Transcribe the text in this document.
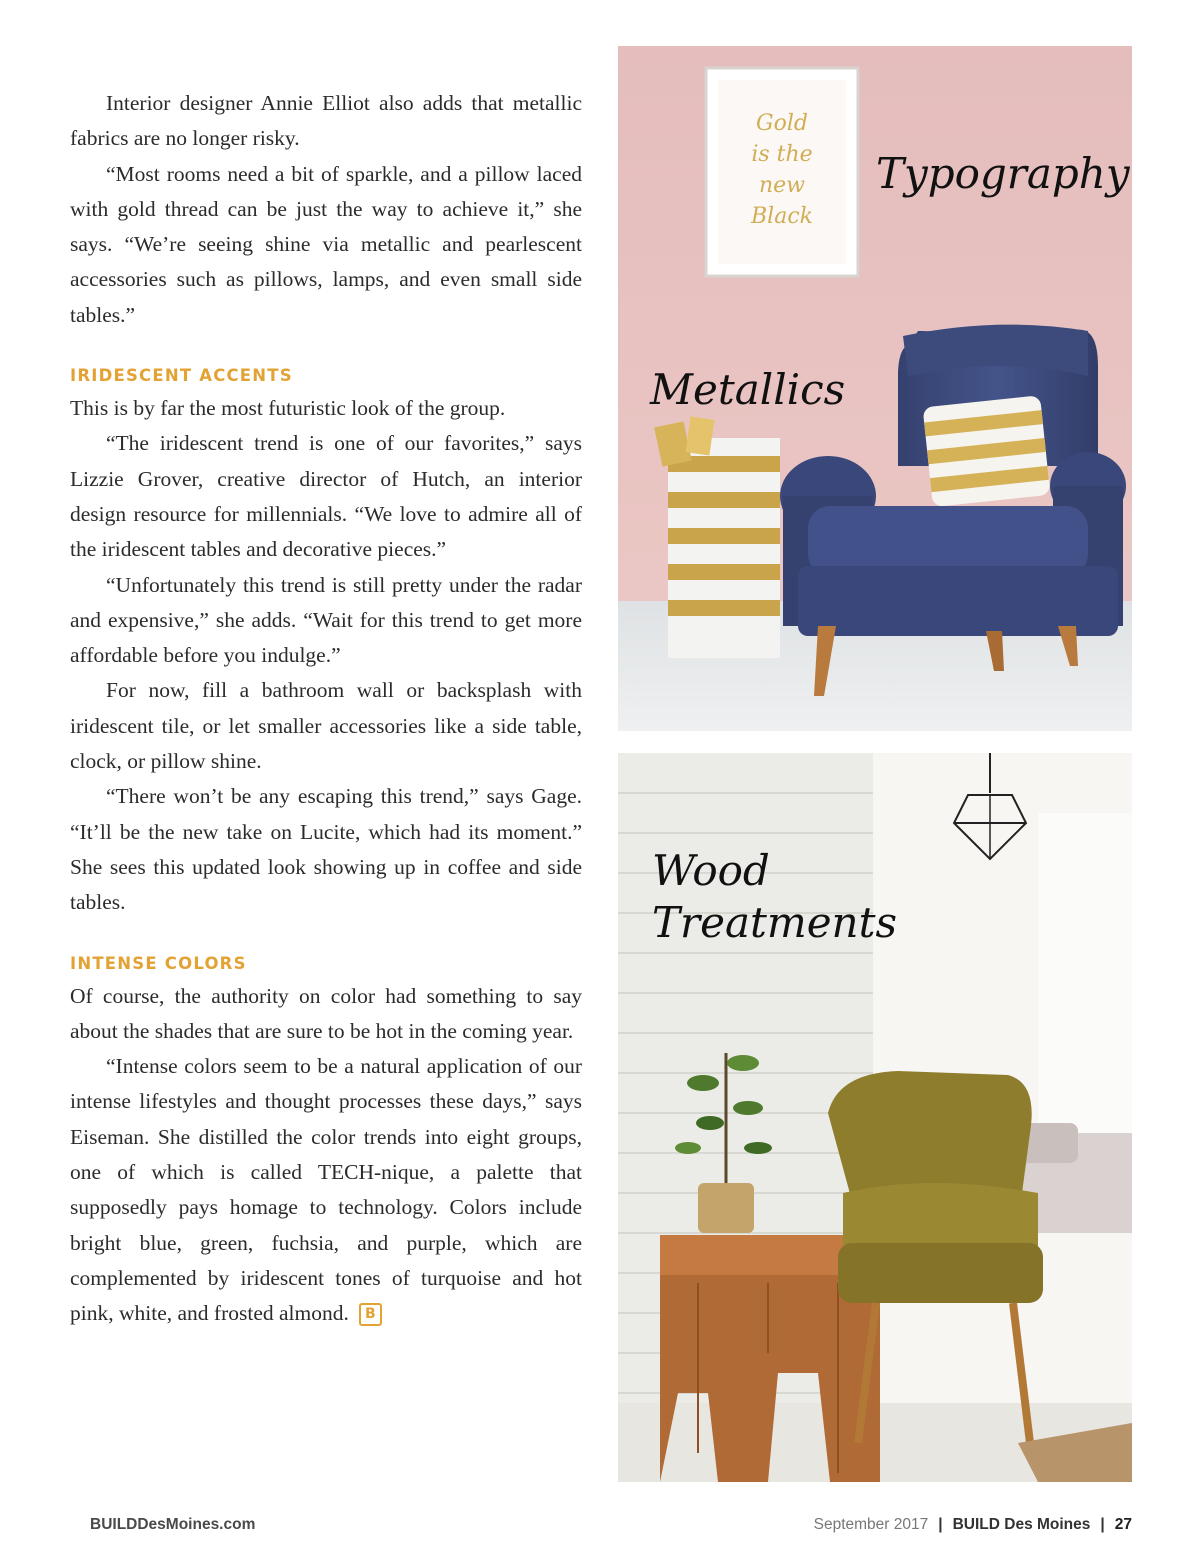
Interior designer Annie Elliot also adds that metallic fabrics are no longer risky.

“Most rooms need a bit of sparkle, and a pillow laced with gold thread can be just the way to achieve it,” she says. “We’re seeing shine via metallic and pearlescent accessories such as pillows, lamps, and even small side tables.”

IRIDESCENT ACCENTS

This is by far the most futuristic look of the group.

“The iridescent trend is one of our favorites,” says Lizzie Grover, creative director of Hutch, an interior design resource for millennials. “We love to admire all of the iridescent tables and decorative pieces.”

“Unfortunately this trend is still pretty under the radar and expensive,” she adds. “Wait for this trend to get more affordable before you indulge.”

For now, fill a bathroom wall or backsplash with iridescent tile, or let smaller accessories like a side table, clock, or pillow shine.

“There won’t be any escaping this trend,” says Gage. “It’ll be the new take on Lucite, which had its moment.” She sees this updated look showing up in coffee and side tables.

INTENSE COLORS

Of course, the authority on color had something to say about the shades that are sure to be hot in the coming year.

“Intense colors seem to be a natural application of our intense lifestyles and thought processes these days,” says Eiseman. She distilled the color trends into eight groups, one of which is called TECH-nique, a palette that supposedly pays homage to technology. Colors include bright blue, green, fuchsia, and purple, which are complemented by iridescent tones of turquoise and hot pink, white, and frosted almond. B

Gold
is the
new
Black
Typography
Metallics
Wood
Treatments
BUILDDesMoines.com	September 2017 | BUILD Des Moines | 27
